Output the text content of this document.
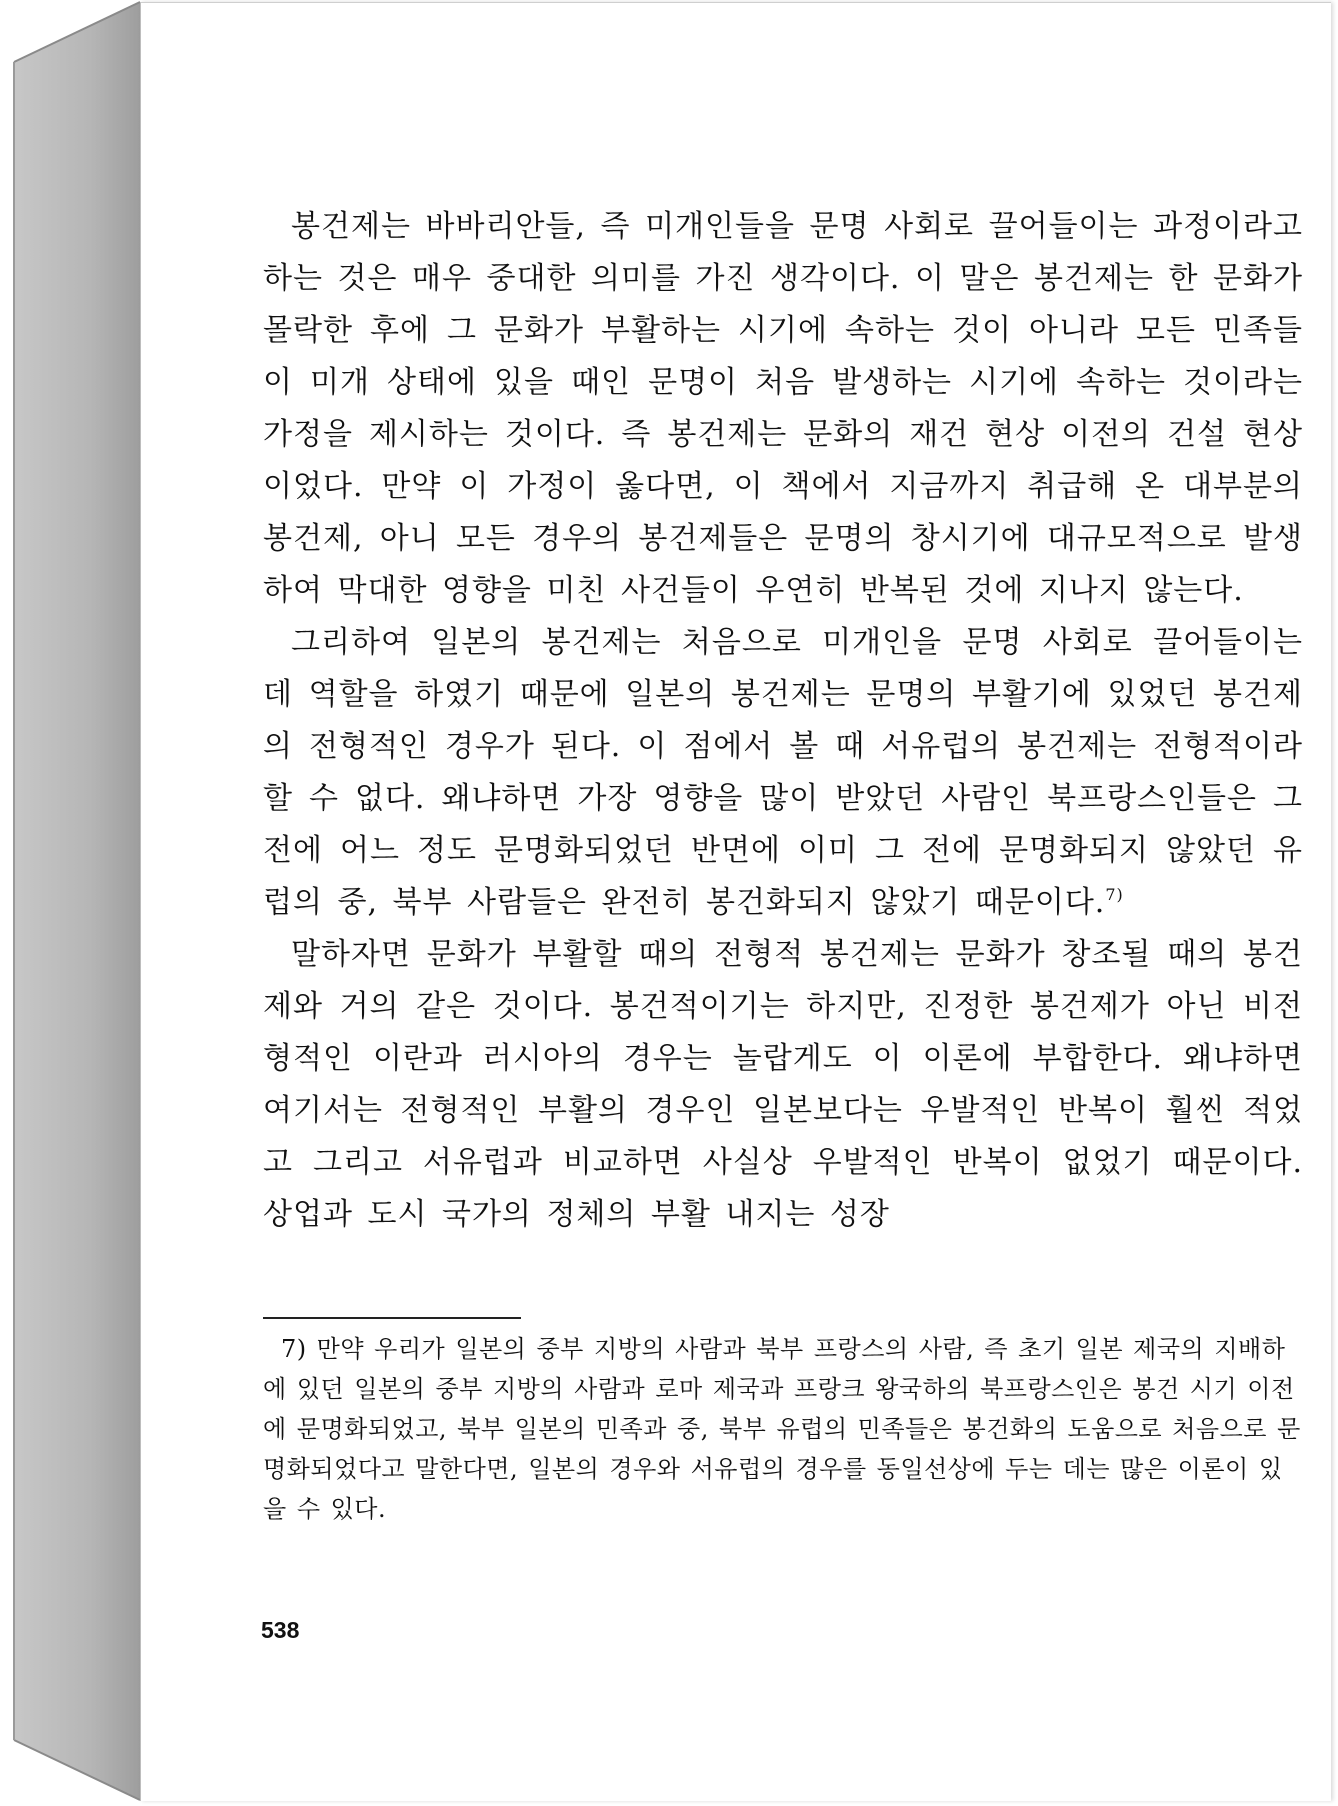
봉건제는 바바리안들, 즉 미개인들을 문명 사회로 끌어들이는 과정이라고 하는 것은 매우 중대한 의미를 가진 생각이다. 이 말은 봉건제는 한 문화가 몰락한 후에 그 문화가 부활하는 시기에 속하는 것이 아니라 모든 민족들이 미개 상태에 있을 때인 문명이 처음 발생하는 시기에 속하는 것이라는 가정을 제시하는 것이다. 즉 봉건제는 문화의 재건 현상 이전의 건설 현상이었다. 만약 이 가정이 옳다면, 이 책에서 지금까지 취급해 온 대부분의 봉건제, 아니 모든 경우의 봉건제들은 문명의 창시기에 대규모적으로 발생하여 막대한 영향을 미친 사건들이 우연히 반복된 것에 지나지 않는다.

그리하여 일본의 봉건제는 처음으로 미개인을 문명 사회로 끌어들이는 데 역할을 하였기 때문에 일본의 봉건제는 문명의 부활기에 있었던 봉건제의 전형적인 경우가 된다. 이 점에서 볼 때 서유럽의 봉건제는 전형적이라 할 수 없다. 왜냐하면 가장 영향을 많이 받았던 사람인 북프랑스인들은 그 전에 어느 정도 문명화되었던 반면에 이미 그 전에 문명화되지 않았던 유럽의 중, 북부 사람들은 완전히 봉건화되지 않았기 때문이다.$^{7)}$

말하자면 문화가 부활할 때의 전형적 봉건제는 문화가 창조될 때의 봉건제와 거의 같은 것이다. 봉건적이기는 하지만, 진정한 봉건제가 아닌 비전형적인 이란과 러시아의 경우는 놀랍게도 이 이론에 부합한다. 왜냐하면 여기서는 전형적인 부활의 경우인 일본보다는 우발적인 반복이 훨씬 적었고 그리고 서유럽과 비교하면 사실상 우발적인 반복이 없었기 때문이다. 상업과 도시 국가의 정체의 부활 내지는 성장

7) 만약 우리가 일본의 중부 지방의 사람과 북부 프랑스의 사람, 즉 초기 일본 제국의 지배하에 있던 일본의 중부 지방의 사람과 로마 제국과 프랑크 왕국하의 북프랑스인은 봉건 시기 이전에 문명화되었고, 북부 일본의 민족과 중, 북부 유럽의 민족들은 봉건화의 도움으로 처음으로 문명화되었다고 말한다면, 일본의 경우와 서유럽의 경우를 동일선상에 두는 데는 많은 이론이 있을 수 있다.
538
